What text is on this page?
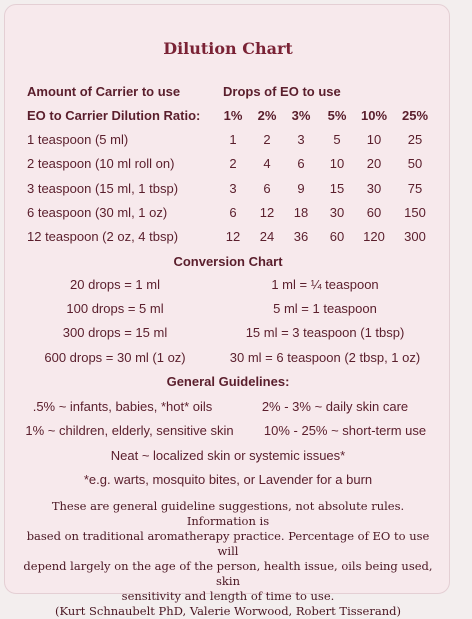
Dilution Chart
Amount of Carrier to use	Drops of EO to use
EO to Carrier Dilution Ratio:	1%	2%	3%	5%	10%	25%
1 teaspoon (5 ml)	1	2	3	5	10	25
2 teaspoon (10 ml roll on)	2	4	6	10	20	50
3 teaspoon (15 ml, 1 tbsp)	3	6	9	15	30	75
6 teaspoon (30 ml, 1 oz)	6	12	18	30	60	150
12 teaspoon (2 oz, 4 tbsp)	12	24	36	60	120	300
Conversion Chart
20 drops = 1 ml	1 ml = ¼ teaspoon
100 drops = 5 ml	5 ml = 1 teaspoon
300 drops = 15 ml	15 ml = 3 teaspoon (1 tbsp)
600 drops = 30 ml (1 oz)	30 ml = 6 teaspoon (2 tbsp, 1 oz)
General Guidelines:
.5% ~ infants, babies, *hot* oils	2% - 3% ~ daily skin care
1% ~ children, elderly, sensitive skin	10% - 25% ~ short-term use
Neat ~ localized skin or systemic issues*
*e.g. warts, mosquito bites, or Lavender for a burn
These are general guideline suggestions, not absolute rules. Information is
based on traditional aromatherapy practice. Percentage of EO to use will
depend largely on the age of the person, health issue, oils being used, skin
sensitivity and length of time to use.
(Kurt Schnaubelt PhD, Valerie Worwood, Robert Tisserand)
